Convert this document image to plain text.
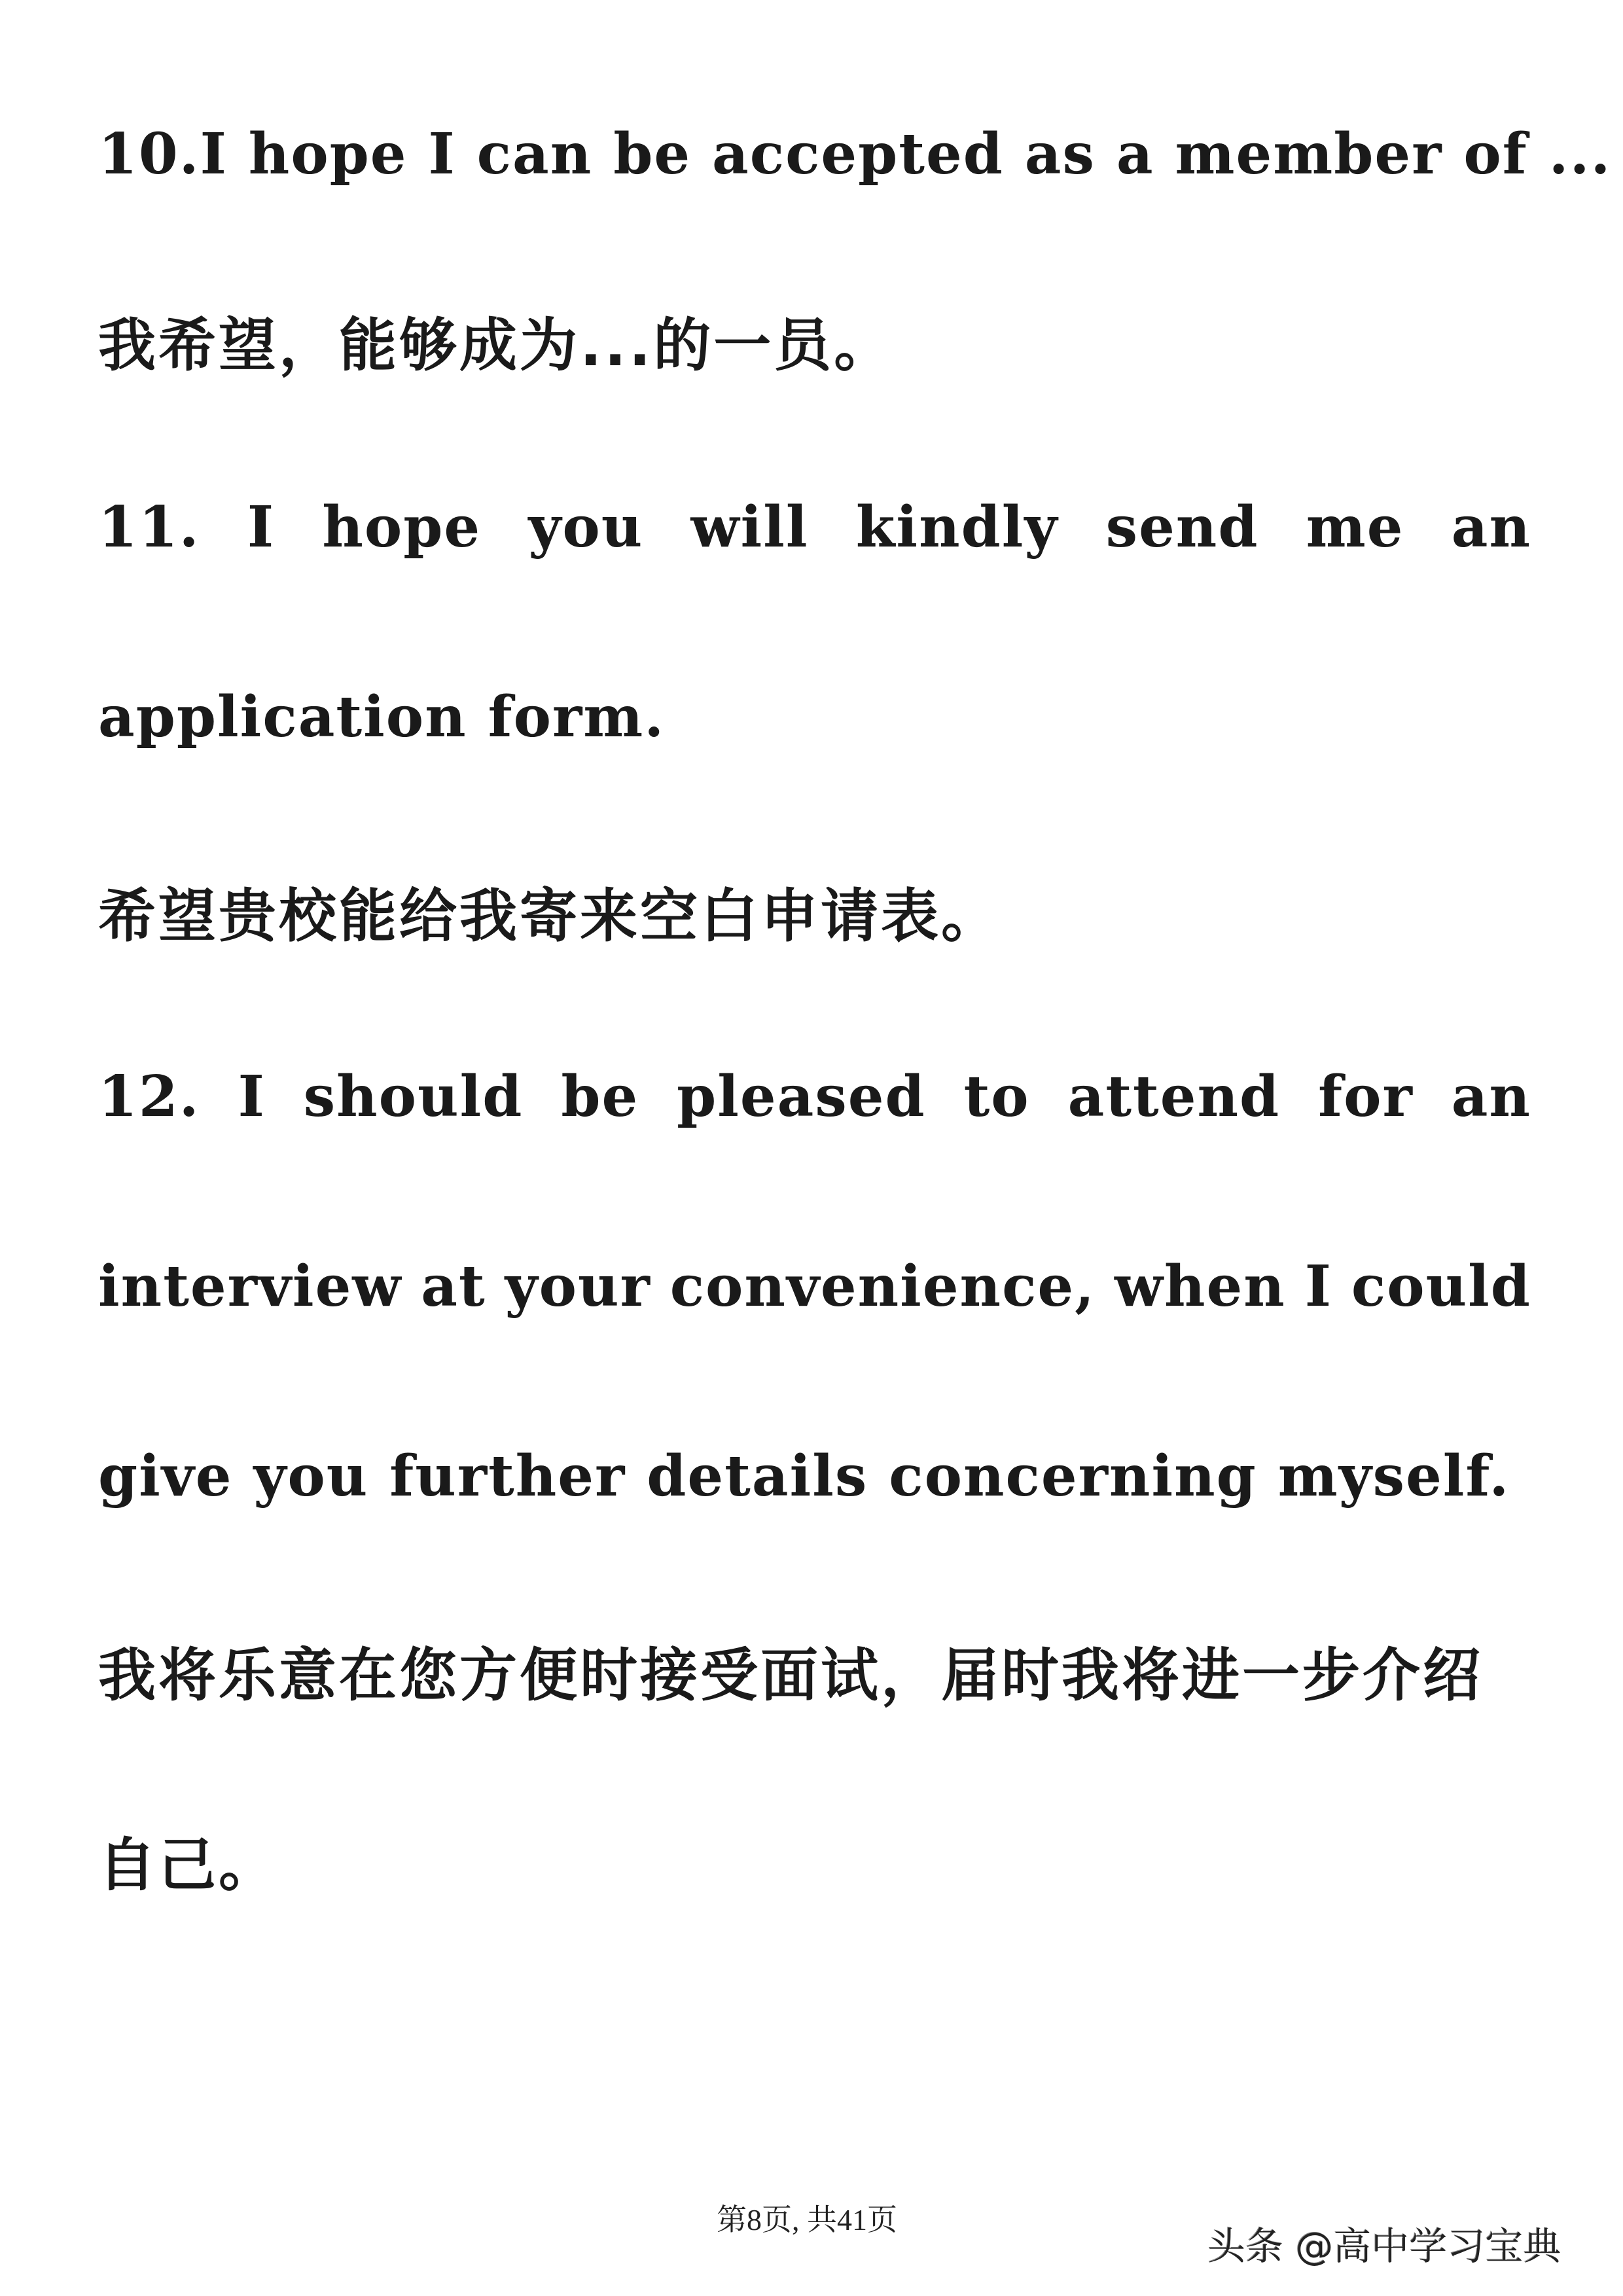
10.I hope I can be accepted as a member of ...
我希望，能够成为...的一员。
11. I hope you will kindly send me an
application form.
希望贵校能给我寄来空白申请表。
12. I should be pleased to attend for an
interview at your convenience, when I could
give you further details concerning myself.
我将乐意在您方便时接受面试，届时我将进一步介绍
自己。
第8页, 共41页
头条 @高中学习宝典
